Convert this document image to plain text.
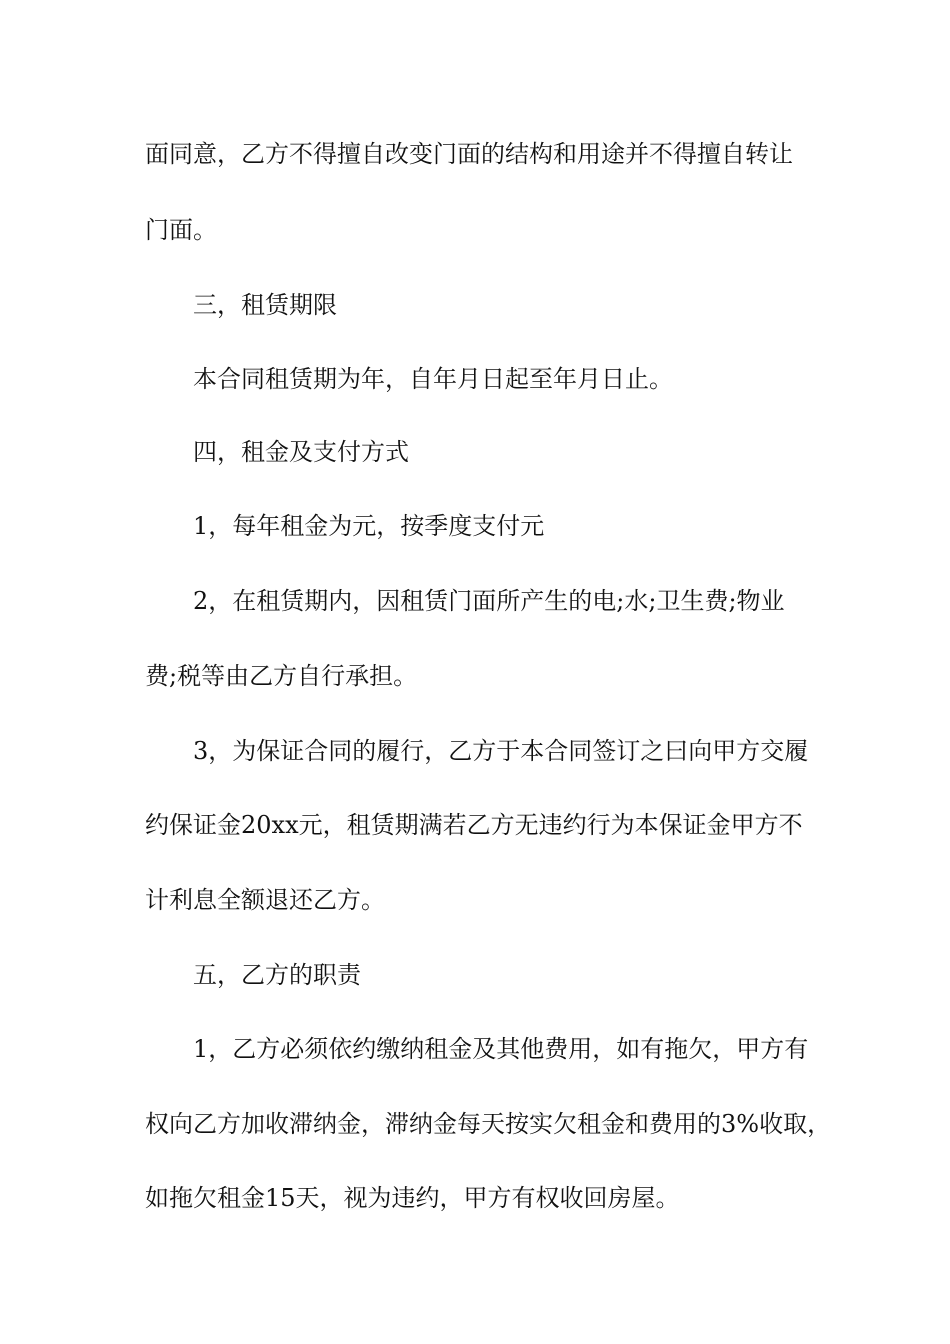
面同意，乙方不得擅自改变门面的结构和用途并不得擅自转让
门面。
三，租赁期限
本合同租赁期为年，自年月日起至年月日止。
四，租金及支付方式
1，每年租金为元，按季度支付元
2，在租赁期内，因租赁门面所产生的电;水;卫生费;物业
费;税等由乙方自行承担。
3，为保证合同的履行，乙方于本合同签订之曰向甲方交履
约保证金20xx元，租赁期满若乙方无违约行为本保证金甲方不
计利息全额退还乙方。
五，乙方的职责
1，乙方必须依约缴纳租金及其他费用，如有拖欠，甲方有
权向乙方加收滞纳金，滞纳金每天按实欠租金和费用的3%收取，
如拖欠租金15天，视为违约，甲方有权收回房屋。
